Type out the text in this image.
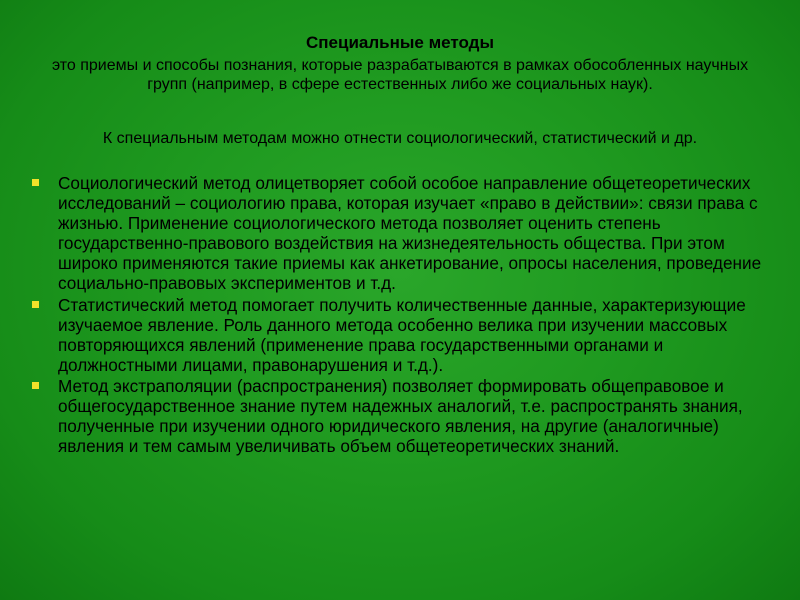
Специальные методы
это приемы и способы познания, которые разрабатываются в рамках обособленных научных групп (например, в сфере естественных либо же социальных наук).
К специальным методам можно отнести социологический, статистический и др.
Социологический метод олицетворяет собой особое направление общетеоретических исследований – социологию права, которая изучает «право в действии»: связи права с жизнью. Применение социологического метода позволяет оценить степень государственно-правового воздействия на жизнедеятельность общества. При этом широко применяются такие приемы как анкетирование, опросы населения, проведение социально-правовых экспериментов и т.д.
Статистический метод помогает получить количественные данные, характеризующие изучаемое явление. Роль данного метода особенно велика при изучении массовых повторяющихся явлений (применение права государственными органами и должностными лицами, правонарушения и т.д.).
Метод экстраполяции (распространения) позволяет формировать общеправовое и общегосударственное знание путем надежных аналогий, т.е. распространять знания, полученные при изучении одного юридического явления, на другие (аналогичные) явления и тем самым увеличивать объем общетеоретических знаний.
